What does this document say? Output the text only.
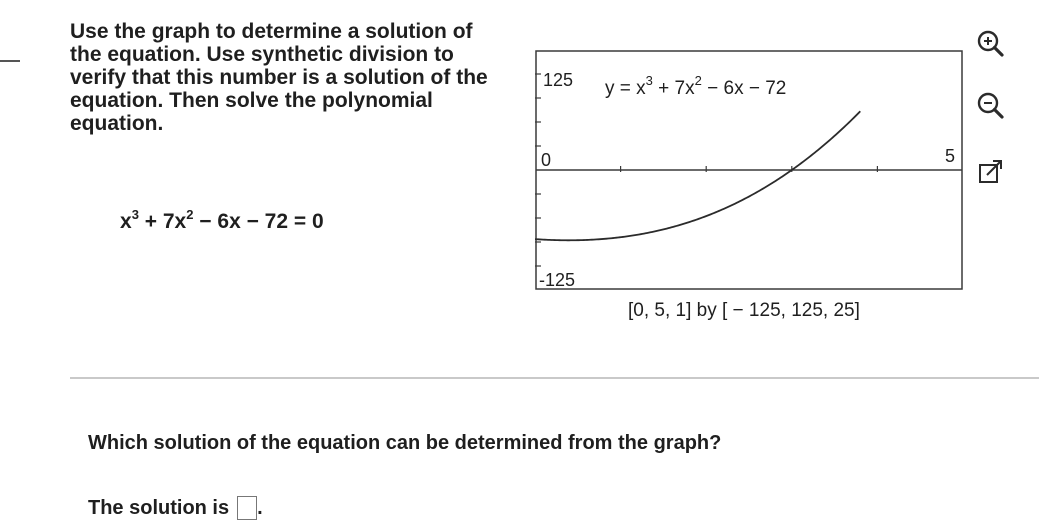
Use the graph to determine a solution of
the equation. Use synthetic division to
verify that this number is a solution of the
equation. Then solve the polynomial
equation.
$x^3 + 7x^2 - 6x - 72 = 0$
125
-125
0	5
$y = x^3 + 7x^2 - 6x - 72$
[0, 5, 1] by [ − 125, 125, 25]
Which solution of the equation can be determined from the graph?
The solution is .
